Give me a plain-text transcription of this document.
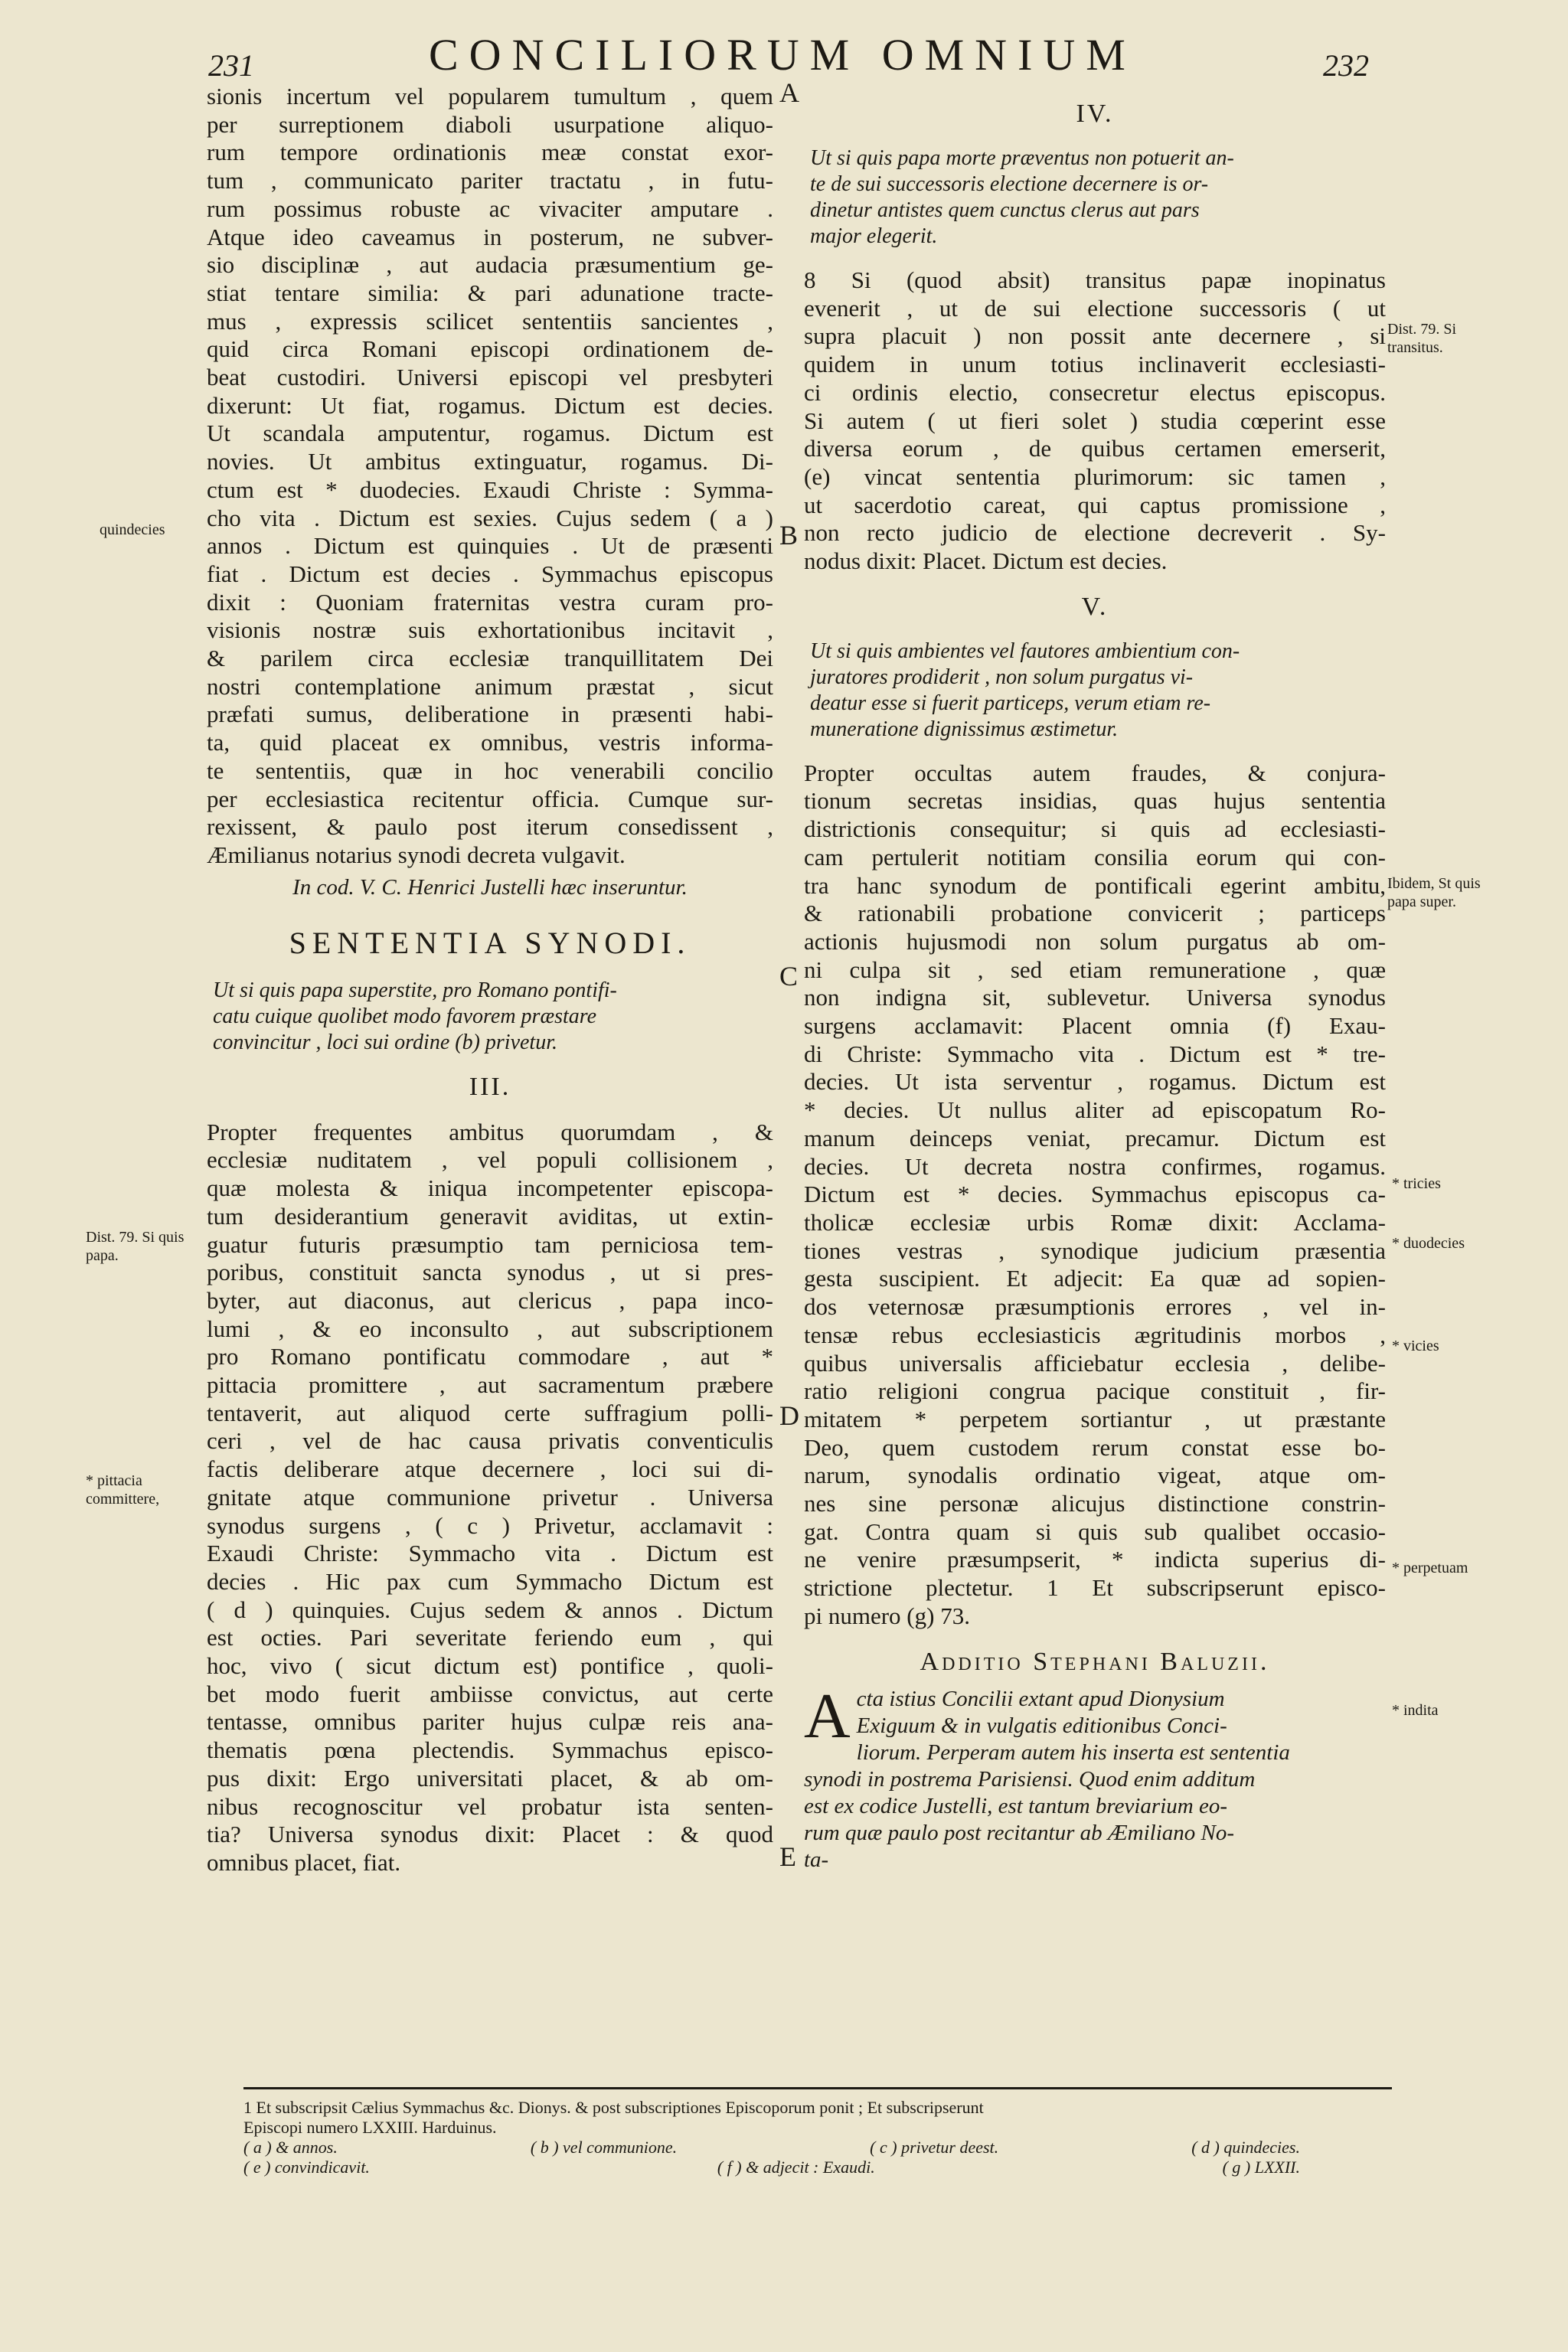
231	CONCILIORUM OMNIUM	232
sionis incertum vel popularem tumultum , quem
per surreptionem diaboli usurpatione aliquo-
rum tempore ordinationis meæ constat exor-
tum , communicato pariter tractatu , in futu-
rum possimus robuste ac vivaciter amputare .
Atque ideo caveamus in posterum, ne subver-
sio disciplinæ , aut audacia præsumentium ge-
stiat tentare similia: & pari adunatione tracte-
mus , expressis scilicet sententiis sancientes ,
quid circa Romani episcopi ordinationem de-
beat custodiri. Universi episcopi vel presbyteri
dixerunt: Ut fiat, rogamus. Dictum est decies.
Ut scandala amputentur, rogamus. Dictum est
novies. Ut ambitus extinguatur, rogamus. Di-
ctum est * duodecies. Exaudi Christe : Symma-
cho vita . Dictum est sexies. Cujus sedem ( a )
annos . Dictum est quinquies . Ut de præsenti
fiat . Dictum est decies . Symmachus episcopus
dixit : Quoniam fraternitas vestra curam pro-
visionis nostræ suis exhortationibus incitavit ,
& parilem circa ecclesiæ tranquillitatem Dei
nostri contemplatione animum præstat , sicut
præfati sumus, deliberatione in præsenti habi-
ta, quid placeat ex omnibus, vestris informa-
te sententiis, quæ in hoc venerabili concilio
per ecclesiastica recitentur officia. Cumque sur-
rexissent, & paulo post iterum consedissent ,
Æmilianus notarius synodi decreta vulgavit.
In cod. V. C. Henrici Justelli hæc inseruntur.
SENTENTIA SYNODI.
Ut si quis papa superstite, pro Romano pontifi-
catu cuique quolibet modo favorem præstare
convincitur , loci sui ordine (b) privetur.
III.
Propter frequentes ambitus quorumdam , &
ecclesiæ nuditatem , vel populi collisionem ,
quæ molesta & iniqua incompetenter episcopa-
tum desiderantium generavit aviditas, ut extin-
guatur futuris præsumptio tam perniciosa tem-
poribus, constituit sancta synodus , ut si pres-
byter, aut diaconus, aut clericus , papa inco-
lumi , & eo inconsulto , aut subscriptionem
pro Romano pontificatu commodare , aut *
pittacia promittere , aut sacramentum præbere
tentaverit, aut aliquod certe suffragium polli-
ceri , vel de hac causa privatis conventiculis
factis deliberare atque decernere , loci sui di-
gnitate atque communione privetur . Universa
synodus surgens , ( c ) Privetur, acclamavit :
Exaudi Christe: Symmacho vita . Dictum est
decies . Hic pax cum Symmacho Dictum est
( d ) quinquies. Cujus sedem & annos . Dictum
est octies. Pari severitate feriendo eum , qui
hoc, vivo ( sicut dictum est) pontifice , quoli-
bet modo fuerit ambiisse convictus, aut certe
tentasse, omnibus pariter hujus culpæ reis ana-
thematis pœna plectendis. Symmachus episco-
pus dixit: Ergo universitati placet, & ab om-
nibus recognoscitur vel probatur ista senten-
tia? Universa synodus dixit: Placet : & quod
omnibus placet, fiat.
IV.
Ut si quis papa morte præventus non potuerit an-
te de sui successoris electione decernere is or-
dinetur antistes quem cunctus clerus aut pars
major elegerit.
8 Si (quod absit) transitus papæ inopinatus
evenerit , ut de sui electione successoris ( ut
supra placuit ) non possit ante decernere , si
quidem in unum totius inclinaverit ecclesiasti-
ci ordinis electio, consecretur electus episcopus.
Si autem ( ut fieri solet ) studia cœperint esse
diversa eorum , de quibus certamen emerserit,
(e) vincat sententia plurimorum: sic tamen ,
ut sacerdotio careat, qui captus promissione ,
non recto judicio de electione decreverit . Sy-
nodus dixit: Placet. Dictum est decies.
V.
Ut si quis ambientes vel fautores ambientium con-
juratores prodiderit , non solum purgatus vi-
deatur esse si fuerit particeps, verum etiam re-
muneratione dignissimus æstimetur.
Propter occultas autem fraudes, & conjura-
tionum secretas insidias, quas hujus sententia
districtionis consequitur; si quis ad ecclesiasti-
cam pertulerit notitiam consilia eorum qui con-
tra hanc synodum de pontificali egerint ambitu,
& rationabili probatione convicerit ; particeps
actionis hujusmodi non solum purgatus ab om-
ni culpa sit , sed etiam remuneratione , quæ
non indigna sit, sublevetur. Universa synodus
surgens acclamavit: Placent omnia (f) Exau-
di Christe: Symmacho vita . Dictum est * tre-
decies. Ut ista serventur , rogamus. Dictum est
* decies. Ut nullus aliter ad episcopatum Ro-
manum deinceps veniat, precamur. Dictum est
decies. Ut decreta nostra confirmes, rogamus.
Dictum est * decies. Symmachus episcopus ca-
tholicæ ecclesiæ urbis Romæ dixit: Acclama-
tiones vestras , synodique judicium præsentia
gesta suscipient. Et adjecit: Ea quæ ad sopien-
dos veternosæ præsumptionis errores , vel in-
tensæ rebus ecclesiasticis ægritudinis morbos ,
quibus universalis afficiebatur ecclesia , delibe-
ratio religioni congrua pacique constituit , fir-
mitatem * perpetem sortiantur , ut præstante
Deo, quem custodem rerum constat esse bo-
narum, synodalis ordinatio vigeat, atque om-
nes sine personæ alicujus distinctione constrin-
gat. Contra quam si quis sub qualibet occasio-
ne venire præsumpserit, * indicta superius di-
strictione plectetur. 1 Et subscripserunt episco-
pi numero (g) 73.
Additio Stephani Baluzii.
A cta istius Concilii extant apud Dionysium
Exiguum & in vulgatis editionibus Conci-
liorum. Perperam autem his inserta est sententia
synodi in postrema Parisiensi. Quod enim additum
est ex codice Justelli, est tantum breviarium eo-
rum quæ paulo post recitantur ab Æmiliano No-
ta-
quindecies
Dist. 79. Si quis papa.
* pittacia committere,
Dist. 79. Si transitus.
Ibidem, St quis papa super.
* tricies
* duodecies
* vicies
* perpetuam
* indita
A
B
C
D
E
1 Et subscripsit Cælius Symmachus &c. Dionys. & post subscriptiones Episcoporum ponit ; Et subscripserunt
Episcopi numero LXXIII. Harduinus.
( a ) & annos.	( b ) vel communione.	( c ) privetur deest.	( d ) quindecies.
( e ) convindicavit.	( f ) & adjecit : Exaudi.	( g ) LXXII.
